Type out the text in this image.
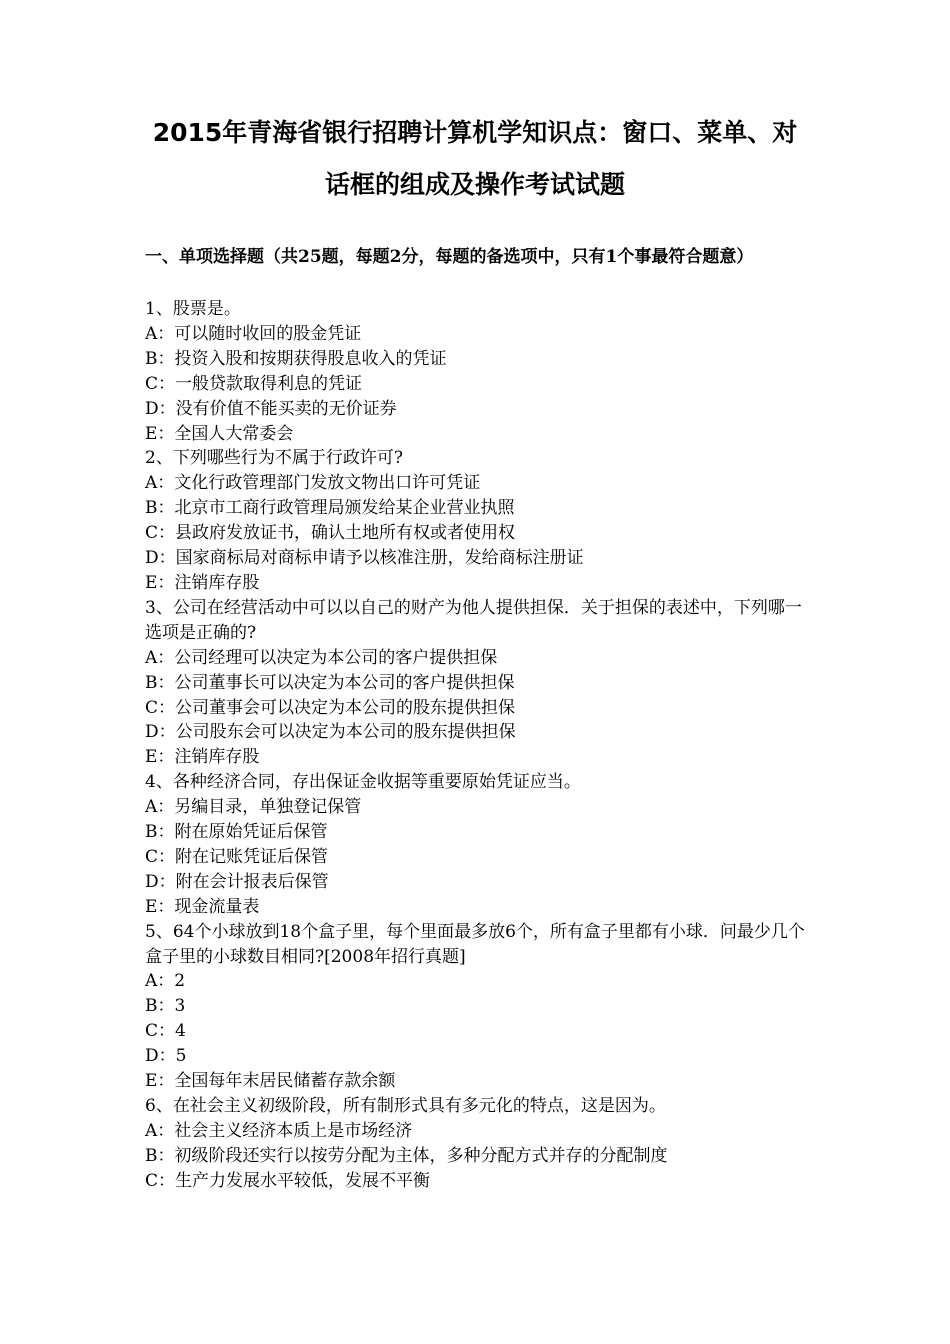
2015年青海省银行招聘计算机学知识点：窗口、菜单、对
话框的组成及操作考试试题

一、单项选择题（共25题，每题2分，每题的备选项中，只有1个事最符合题意）

1、股票是。

A：可以随时收回的股金凭证

B：投资入股和按期获得股息收入的凭证

C：一般贷款取得利息的凭证

D：没有价值不能买卖的无价证券

E：全国人大常委会

2、下列哪些行为不属于行政许可?

A：文化行政管理部门发放文物出口许可凭证

B：北京市工商行政管理局颁发给某企业营业执照

C：县政府发放证书，确认土地所有权或者使用权

D：国家商标局对商标申请予以核准注册，发给商标注册证

E：注销库存股

3、公司在经营活动中可以以自己的财产为他人提供担保．关于担保的表述中，下列哪一选项是正确的?

A：公司经理可以决定为本公司的客户提供担保

B：公司董事长可以决定为本公司的客户提供担保

C：公司董事会可以决定为本公司的股东提供担保

D：公司股东会可以决定为本公司的股东提供担保

E：注销库存股

4、各种经济合同，存出保证金收据等重要原始凭证应当。

A：另编目录，单独登记保管

B：附在原始凭证后保管

C：附在记账凭证后保管

D：附在会计报表后保管

E：现金流量表

5、64个小球放到18个盒子里，每个里面最多放6个，所有盒子里都有小球．问最少几个盒子里的小球数目相同?[2008年招行真题]

A：2

B：3

C：4

D：5

E：全国每年末居民储蓄存款余额

6、在社会主义初级阶段，所有制形式具有多元化的特点，这是因为。

A：社会主义经济本质上是市场经济

B：初级阶段还实行以按劳分配为主体，多种分配方式并存的分配制度

C：生产力发展水平较低，发展不平衡
